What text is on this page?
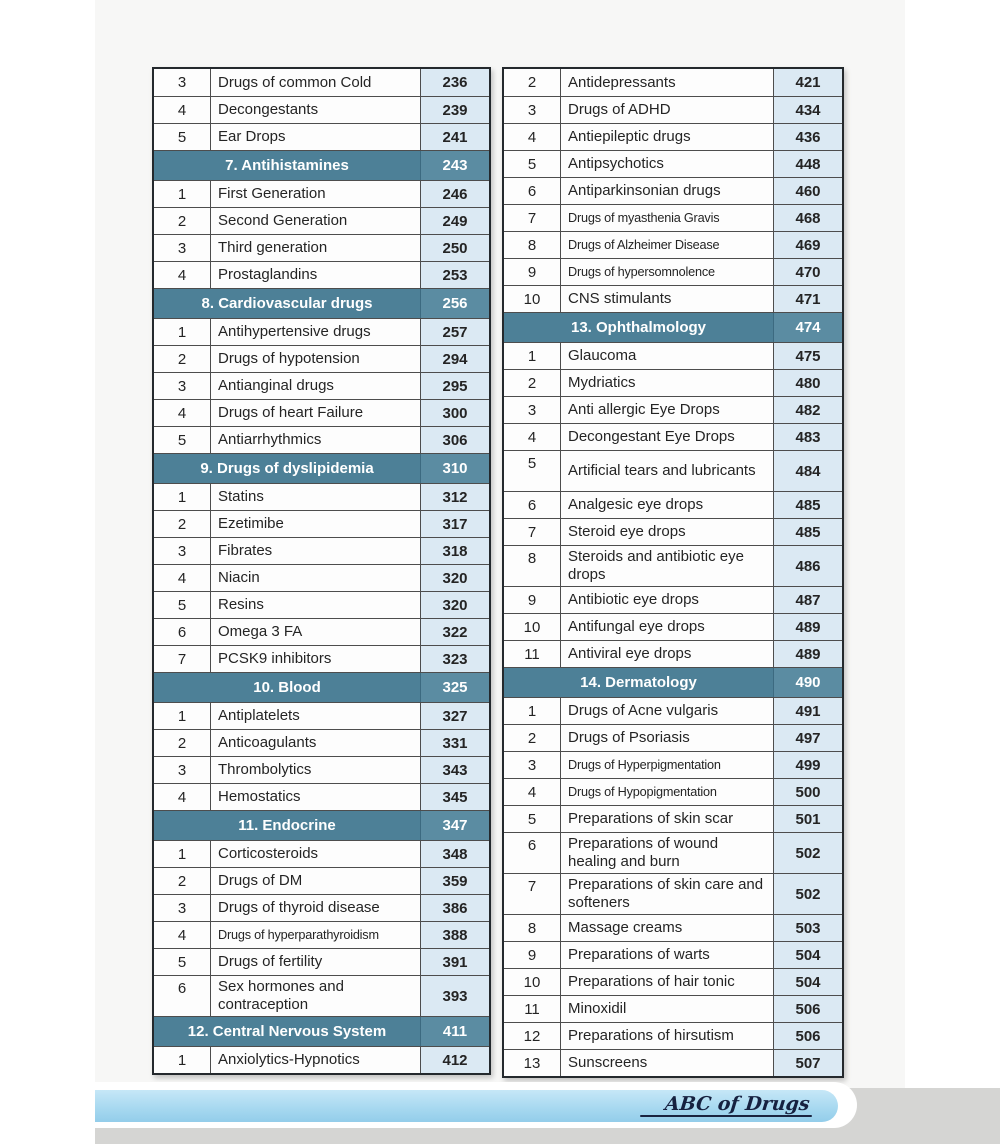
3	Drugs of common Cold	236
4	Decongestants	239
5	Ear Drops	241
7. Antihistamines	243
1	First Generation	246
2	Second Generation	249
3	Third generation	250
4	Prostaglandins	253
8. Cardiovascular drugs	256
1	Antihypertensive drugs	257
2	Drugs of hypotension	294
3	Antianginal drugs	295
4	Drugs of heart Failure	300
5	Antiarrhythmics	306
9. Drugs of dyslipidemia	310
1	Statins	312
2	Ezetimibe	317
3	Fibrates	318
4	Niacin	320
5	Resins	320
6	Omega 3 FA	322
7	PCSK9 inhibitors	323
10. Blood	325
1	Antiplatelets	327
2	Anticoagulants	331
3	Thrombolytics	343
4	Hemostatics	345
11. Endocrine	347
1	Corticosteroids	348
2	Drugs of DM	359
3	Drugs of thyroid disease	386
4	Drugs of hyperparathyroidism	388
5	Drugs of fertility	391
6	Sex hormones and contraception	393
12. Central Nervous System	411
1	Anxiolytics-Hypnotics	412
2	Antidepressants	421
3	Drugs of ADHD	434
4	Antiepileptic drugs	436
5	Antipsychotics	448
6	Antiparkinsonian drugs	460
7	Drugs of myasthenia Gravis	468
8	Drugs of Alzheimer Disease	469
9	Drugs of hypersomnolence	470
10	CNS stimulants	471
13. Ophthalmology	474
1	Glaucoma	475
2	Mydriatics	480
3	Anti allergic Eye Drops	482
4	Decongestant Eye Drops	483
5	Artificial tears and lubricants	484
6	Analgesic eye drops	485
7	Steroid eye drops	485
8	Steroids and antibiotic eye drops	486
9	Antibiotic eye drops	487
10	Antifungal eye drops	489
11	Antiviral eye drops	489
14. Dermatology	490
1	Drugs of Acne vulgaris	491
2	Drugs of Psoriasis	497
3	Drugs of Hyperpigmentation	499
4	Drugs of Hypopigmentation	500
5	Preparations of skin scar	501
6	Preparations of wound healing and burn	502
7	Preparations of skin care and softeners	502
8	Massage creams	503
9	Preparations of warts	504
10	Preparations of hair tonic	504
11	Minoxidil	506
12	Preparations of hirsutism	506
13	Sunscreens	507
ABC of Drugs
